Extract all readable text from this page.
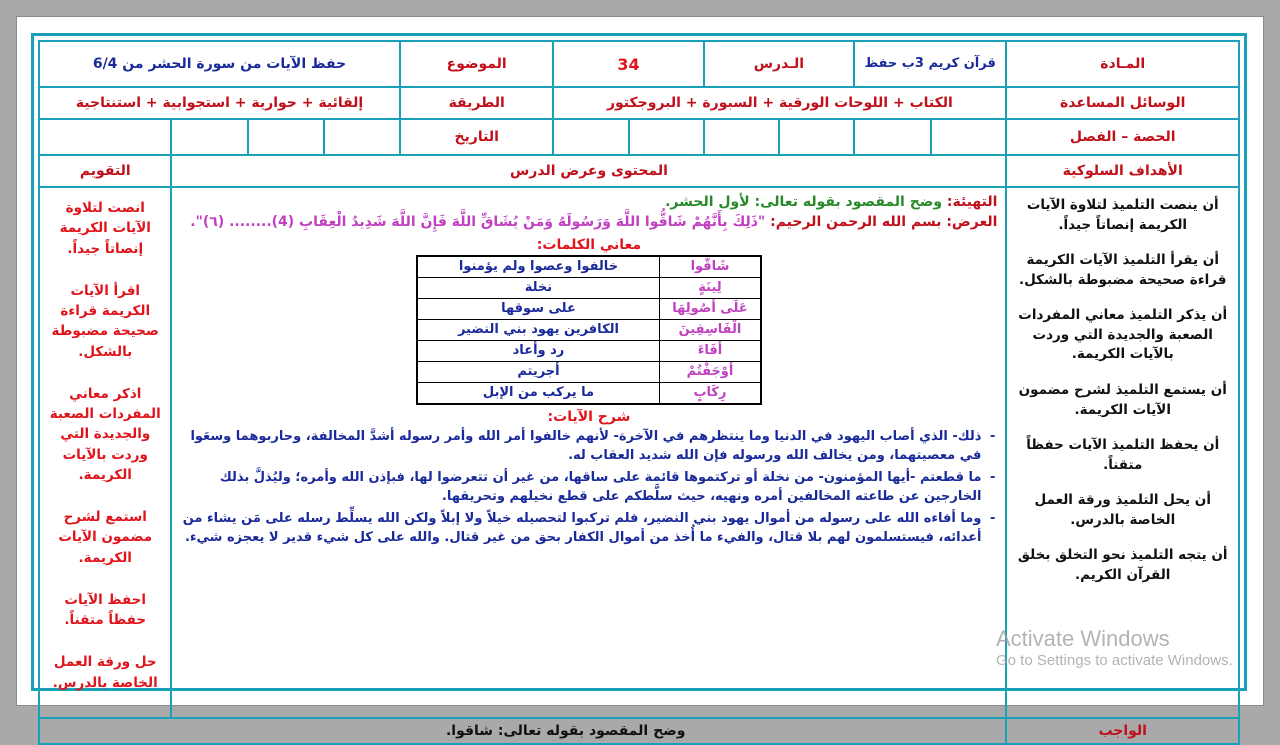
المـادة	قرآن كريم 3ب حفظ	الـدرس	34	الموضوع	حفظ الآيات من سورة الحشر من 6/4
الوسائل المساعدة	الكتاب + اللوحات الورقية + السبورة + البروجكتور	الطريقة	إلقائية + حوارية + استجوابية + استنتاجية
الحصة – الفصل							التاريخ				
الأهداف السلوكية	المحتوى وعرض الدرس	التقويم

أن ينصت التلميذ لتلاوة الآيات الكريمة إنصاتاً جيداً.

أن يقرأ التلميذ الآيات الكريمة قراءة صحيحة مضبوطة بالشكل.

أن يذكر التلميذ معاني المفردات الصعبة والجديدة التي وردت بالآيات الكريمة.

أن يستمع التلميذ لشرح مضمون الآيات الكريمة.

أن يحفظ التلميذ الآيات حفظاً متقناً.

أن يحل التلميذ ورقة العمل الخاصة بالدرس.

أن يتجه التلميذ نحو التخلق بخلق القرآن الكريم.

التهيئة: وضح المقصود بقوله تعالى: لأول الحشر.

العرض: بسم الله الرحمن الرحيم: "ذَلِكَ بِأَنَّهُمْ شَاقُّوا اللَّهَ وَرَسُولَهُ وَمَنْ يُشَاقِّ اللَّهَ فَإِنَّ اللَّهَ شَدِيدُ الْعِقَابِ (4)........ (٦)".

معاني الكلمات:
شَاقُّوا	خالفوا وعصوا ولم يؤمنوا
لِينَةٍ	نخلة
عَلَى أُصُولِهَا	على سوقها
الْفَاسِقِينَ	الكافرين يهود بني النضير
أَفَاءَ	رد وأعاد
أَوْجَفْتُمْ	أجريتم
رِكَابٍ	ما يركب من الإبل
شرح الآيات:
- ذلك- الذي أصاب اليهود في الدنيا وما ينتظرهم في الآخرة- لأنهم خالفوا أمر الله وأمر رسوله أشدَّ المخالفة، وحاربوهما وسعَوا في معصيتهما، ومن يخالف الله ورسوله فإن الله شديد العقاب له.
- ما قطعتم -أيها المؤمنون- من نخلة أو تركتموها قائمة على ساقها، من غير أن تتعرضوا لها، فبإذن الله وأمره؛ وليُذلَّ بذلك الخارجين عن طاعته المخالفين أمره ونهيه، حيث سلَّطكم على قطع نخيلهم وتحريقها.
- وما أفاءه الله على رسوله من أموال يهود بني النضير، فلم تركبوا لتحصيله خيلاً ولا إبلاً ولكن الله يسلِّط رسله على مَن يشاء من أعدائه، فيستسلمون لهم بلا قتال، والفيء ما أُخذ من أموال الكفار بحق من غير قتال. والله على كل شيء قدير لا يعجزه شيء.

انصت لتلاوة الآيات الكريمة إنصاتاً جيداً.

اقرأ الآيات الكريمة قراءة صحيحة مضبوطة بالشكل.

اذكر معاني المفردات الصعبة والجديدة التي وردت بالآيات الكريمة.

استمع لشرح مضمون الآيات الكريمة.

احفظ الآيات حفظاً متقناً.

حل ورقة العمل الخاصة بالدرس.

الواجب	وضح المقصود بقوله تعالى: شاقوا.
Activate Windows
Go to Settings to activate Windows.
